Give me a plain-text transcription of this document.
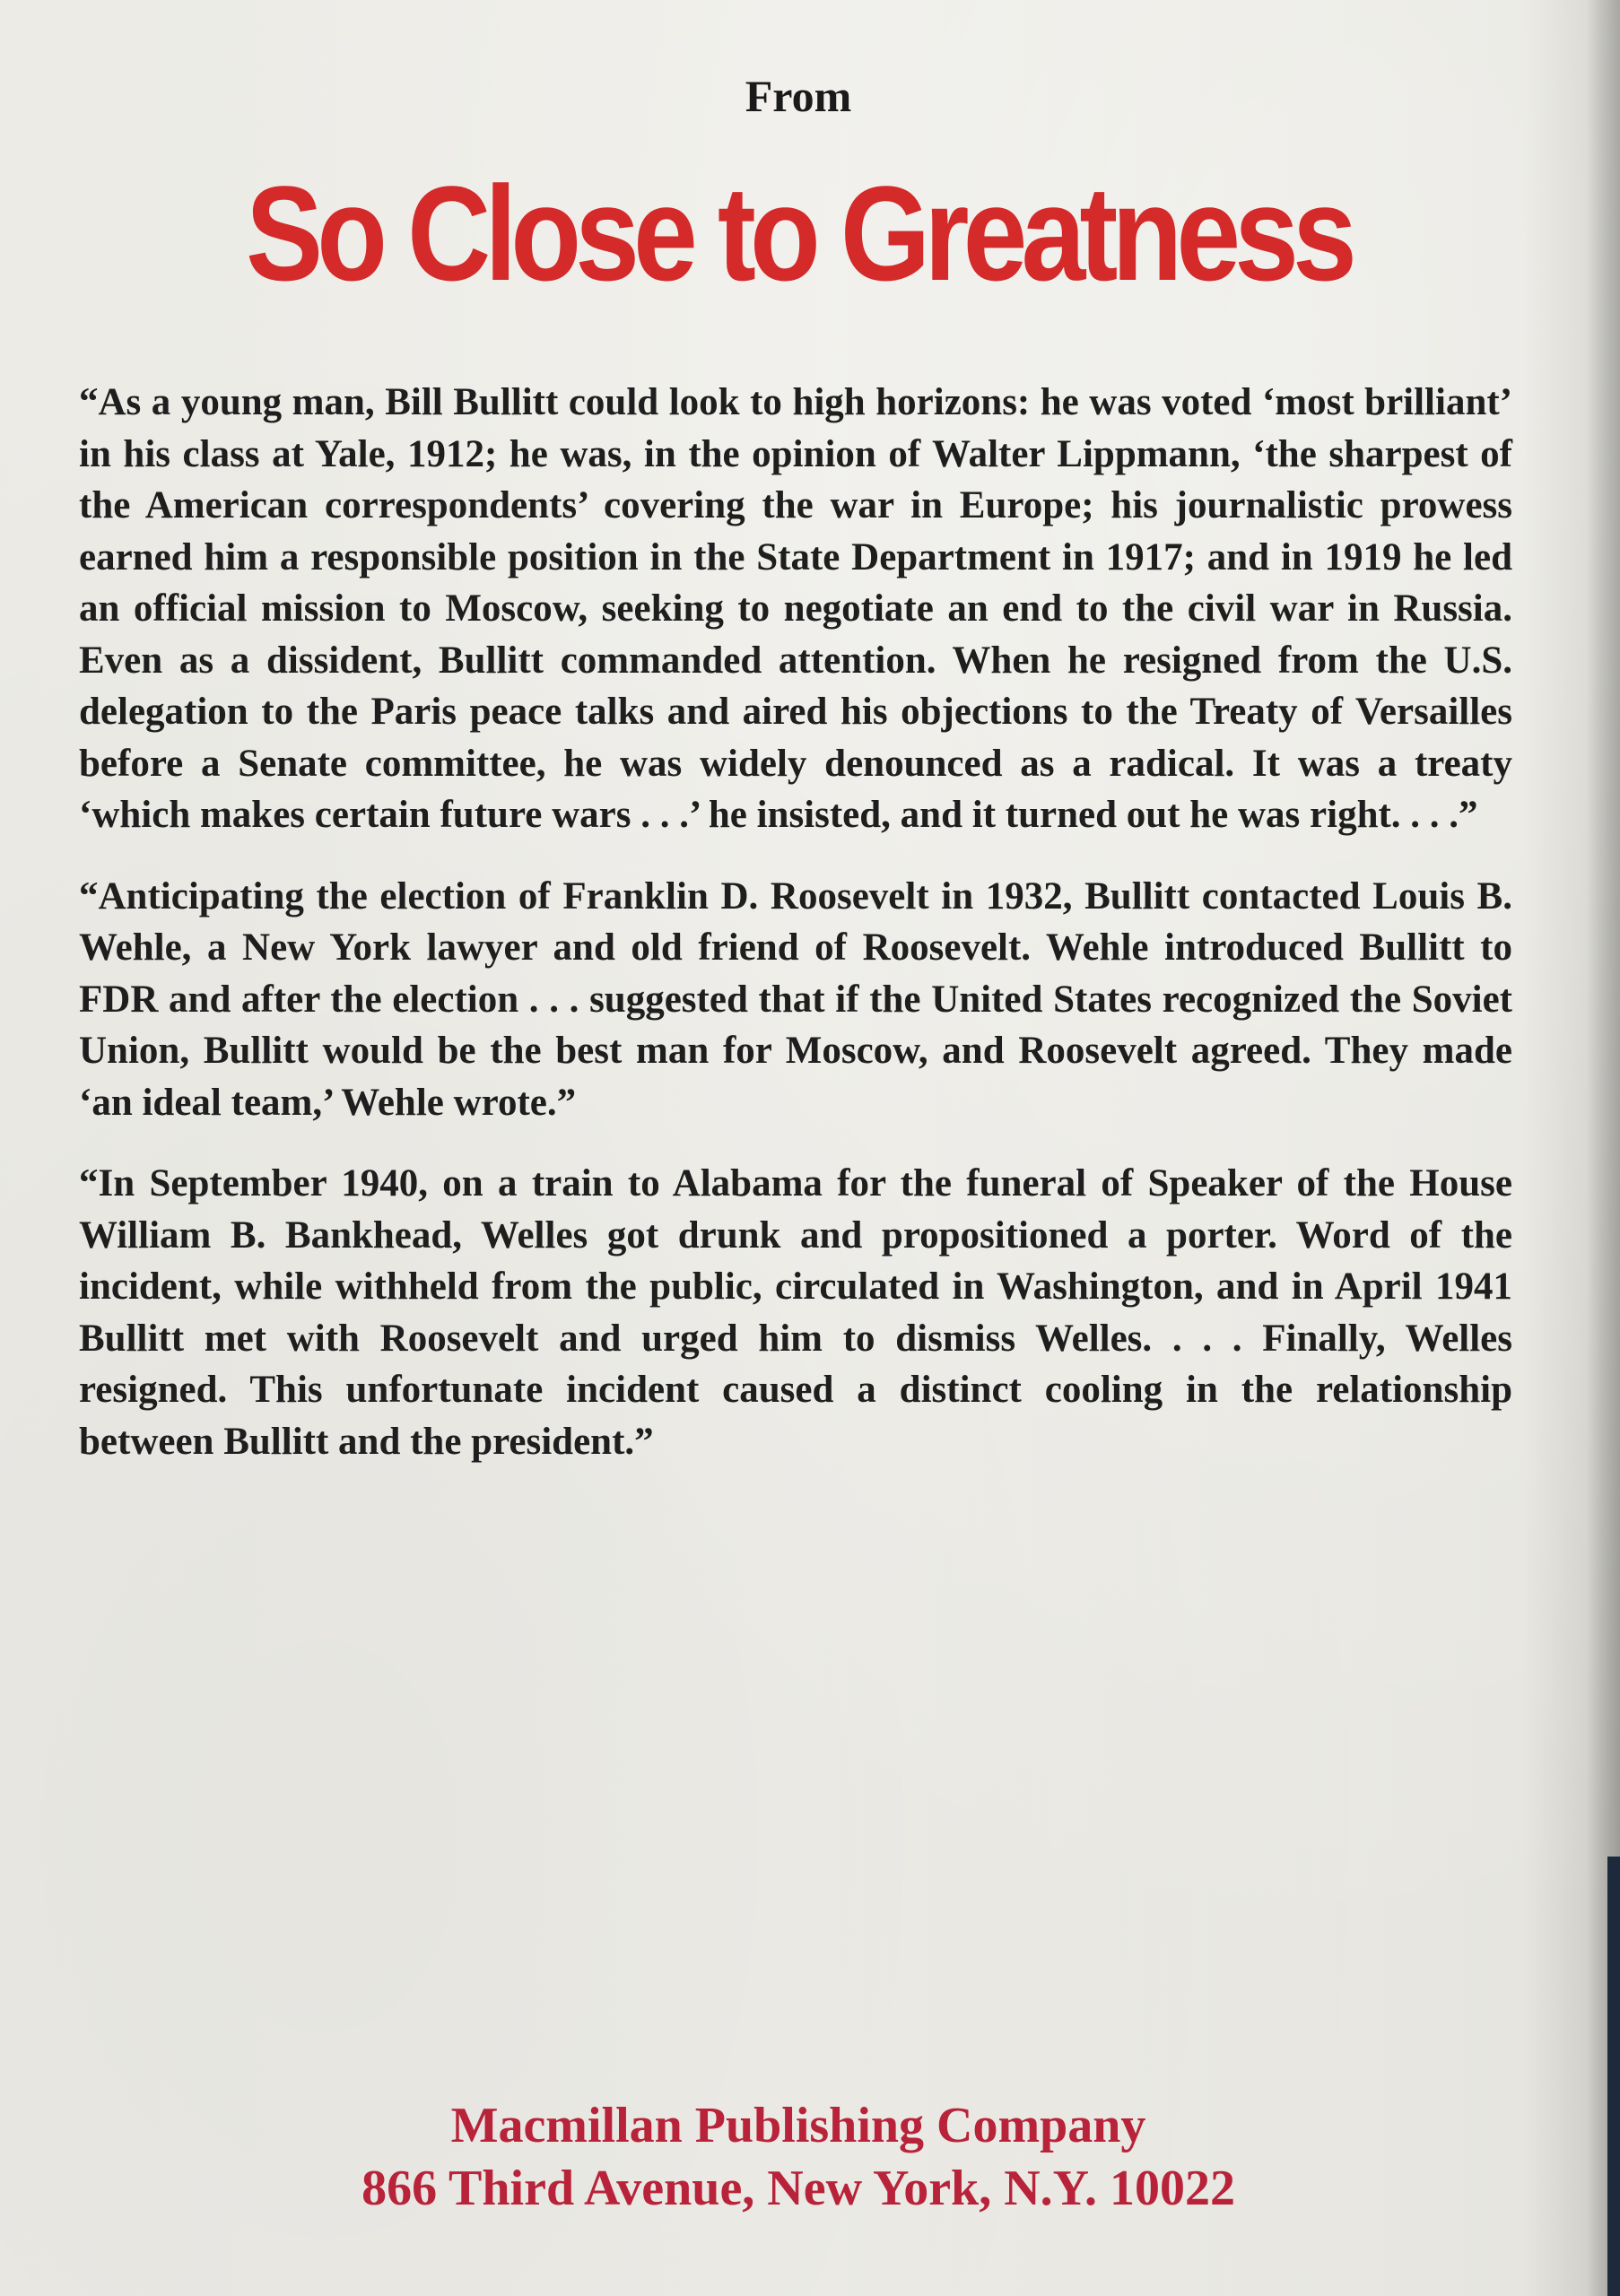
From
So Close to Greatness

“As a young man, Bill Bullitt could look to high horizons: he was voted ‘most brilliant’ in his class at Yale, 1912; he was, in the opinion of Walter Lippmann, ‘the sharpest of the American correspondents’ covering the war in Europe; his journalistic prowess earned him a responsible position in the State Department in 1917; and in 1919 he led an official mission to Moscow, seeking to negotiate an end to the civil war in Russia. Even as a dissident, Bullitt commanded attention. When he resigned from the U.S. delegation to the Paris peace talks and aired his objections to the Treaty of Versailles before a Senate committee, he was widely denounced as a radical. It was a treaty ‘which makes certain future wars . . .’ he insisted, and it turned out he was right. . . .”

“Anticipating the election of Franklin D. Roosevelt in 1932, Bullitt contacted Louis B. Wehle, a New York lawyer and old friend of Roosevelt. Wehle introduced Bullitt to FDR and after the election . . . suggested that if the United States recognized the Soviet Union, Bullitt would be the best man for Moscow, and Roosevelt agreed. They made ‘an ideal team,’ Wehle wrote.”

“In September 1940, on a train to Alabama for the funeral of Speaker of the House William B. Bankhead, Welles got drunk and propositioned a porter. Word of the incident, while withheld from the public, circulated in Washington, and in April 1941 Bullitt met with Roosevelt and urged him to dismiss Welles. . . . Finally, Welles resigned. This unfortunate incident caused a distinct cooling in the relationship between Bullitt and the president.”

Macmillan Publishing Company
866 Third Avenue, New York, N.Y. 10022
